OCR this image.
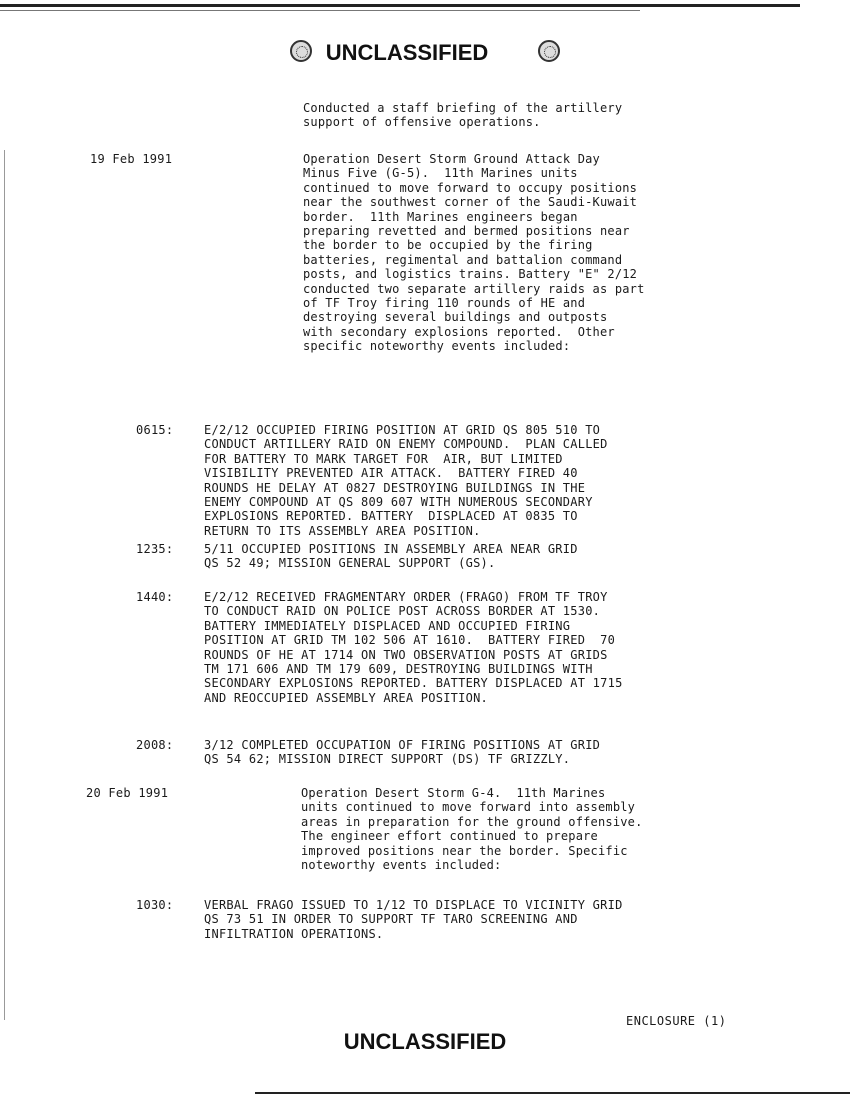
UNCLASSIFIED
Conducted a staff briefing of the artillery
support of offensive operations.
19 Feb 1991	Operation Desert Storm Ground Attack Day
Minus Five (G-5).  11th Marines units
continued to move forward to occupy positions
near the southwest corner of the Saudi-Kuwait
border.  11th Marines engineers began
preparing revetted and bermed positions near
the border to be occupied by the firing
batteries, regimental and battalion command
posts, and logistics trains. Battery "E" 2/12
conducted two separate artillery raids as part
of TF Troy firing 110 rounds of HE and
destroying several buildings and outposts
with secondary explosions reported.  Other
specific noteworthy events included:
0615:	E/2/12 OCCUPIED FIRING POSITION AT GRID QS 805 510 TO
CONDUCT ARTILLERY RAID ON ENEMY COMPOUND.  PLAN CALLED
FOR BATTERY TO MARK TARGET FOR  AIR, BUT LIMITED
VISIBILITY PREVENTED AIR ATTACK.  BATTERY FIRED 40
ROUNDS HE DELAY AT 0827 DESTROYING BUILDINGS IN THE
ENEMY COMPOUND AT QS 809 607 WITH NUMEROUS SECONDARY
EXPLOSIONS REPORTED. BATTERY  DISPLACED AT 0835 TO
RETURN TO ITS ASSEMBLY AREA POSITION.
1235:	5/11 OCCUPIED POSITIONS IN ASSEMBLY AREA NEAR GRID
QS 52 49; MISSION GENERAL SUPPORT (GS).
1440:	E/2/12 RECEIVED FRAGMENTARY ORDER (FRAGO) FROM TF TROY
TO CONDUCT RAID ON POLICE POST ACROSS BORDER AT 1530.
BATTERY IMMEDIATELY DISPLACED AND OCCUPIED FIRING
POSITION AT GRID TM 102 506 AT 1610.  BATTERY FIRED  70
ROUNDS OF HE AT 1714 ON TWO OBSERVATION POSTS AT GRIDS
TM 171 606 AND TM 179 609, DESTROYING BUILDINGS WITH
SECONDARY EXPLOSIONS REPORTED. BATTERY DISPLACED AT 1715
AND REOCCUPIED ASSEMBLY AREA POSITION.
2008:	3/12 COMPLETED OCCUPATION OF FIRING POSITIONS AT GRID
QS 54 62; MISSION DIRECT SUPPORT (DS) TF GRIZZLY.
20 Feb 1991	Operation Desert Storm G-4.  11th Marines
units continued to move forward into assembly
areas in preparation for the ground offensive.
The engineer effort continued to prepare
improved positions near the border. Specific
noteworthy events included:
1030:	VERBAL FRAGO ISSUED TO 1/12 TO DISPLACE TO VICINITY GRID
QS 73 51 IN ORDER TO SUPPORT TF TARO SCREENING AND
INFILTRATION OPERATIONS.
ENCLOSURE (1)
UNCLASSIFIED
